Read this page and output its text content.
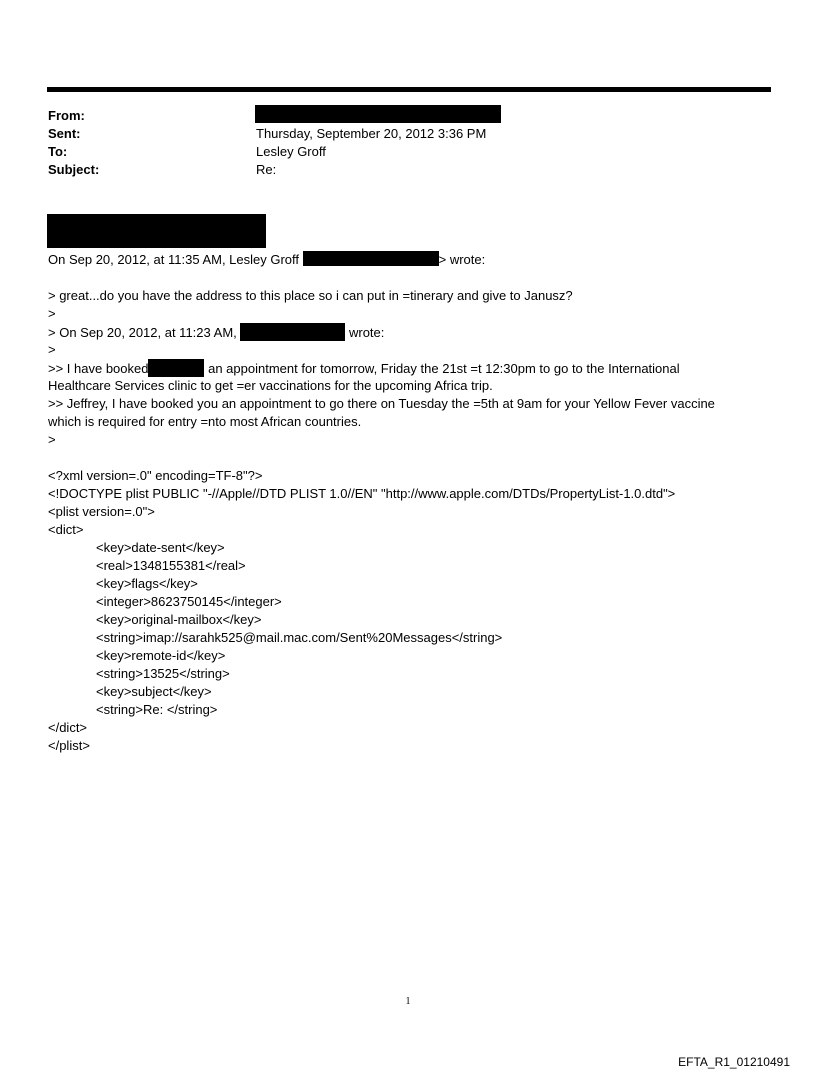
From:
Sent:	Thursday, September 20, 2012 3:36 PM
To:	Lesley Groff
Subject:	Re:
On Sep 20, 2012, at 11:35 AM, Lesley Groff	> wrote:
> great...do you have the address to this place so i can put in =tinerary and give to Janusz?
>
> On Sep 20, 2012, at 11:23 AM,	wrote:
>
>> I have booked	an appointment for tomorrow, Friday the 21st =t 12:30pm to go to the International
Healthcare Services clinic to get =er vaccinations for the upcoming Africa trip.
>> Jeffrey, I have booked you an appointment to go there on Tuesday the =5th at 9am for your Yellow Fever vaccine
which is required for entry =nto most African countries.
>
<?xml version=.0" encoding=TF-8"?>
<!DOCTYPE plist PUBLIC "-//Apple//DTD PLIST 1.0//EN" "http://www.apple.com/DTDs/PropertyList-1.0.dtd">
<plist version=.0">
<dict>
<key>date-sent</key>
<real>1348155381</real>
<key>flags</key>
<integer>8623750145</integer>
<key>original-mailbox</key>
<string>imap://sarahk525@mail.mac.com/Sent%20Messages</string>
<key>remote-id</key>
<string>13525</string>
<key>subject</key>
<string>Re: </string>
</dict>
</plist>
1
EFTA_R1_01210491
